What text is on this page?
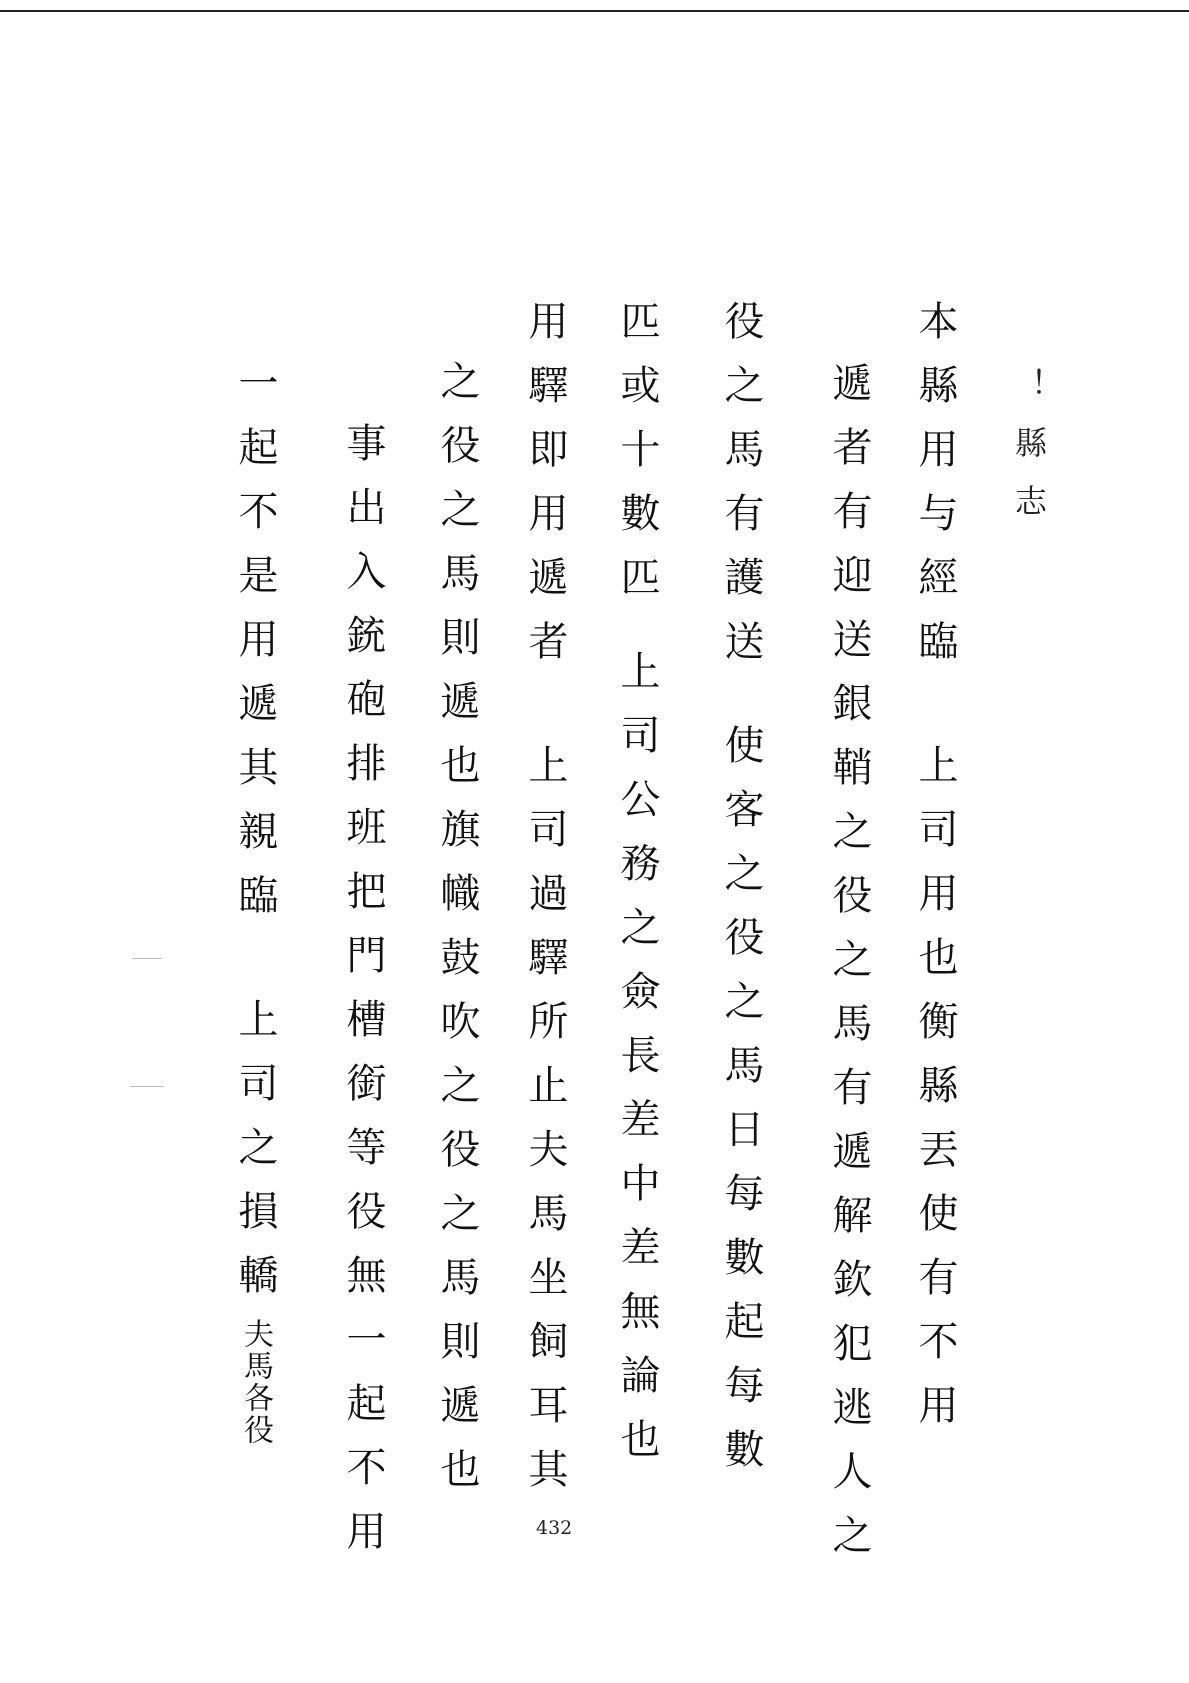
！縣志
本縣用与經臨
上司用也衡縣丟使有不用
遞者有迎送銀鞘之役之馬有遞解欽犯逃人之
役之馬有護送
使客之役之馬日每數起每數
匹或十數匹
上司公務之僉長差中差無論也
用驛即用遞者
上司過驛所止夫馬坐飼耳其
之役之馬則遞也旗幟鼓吹之役之馬則遞也
事出入銃砲排班把門槽銜等役無一起不用
一起不是用遞其親臨
上司之損轎
夫馬各役
432
